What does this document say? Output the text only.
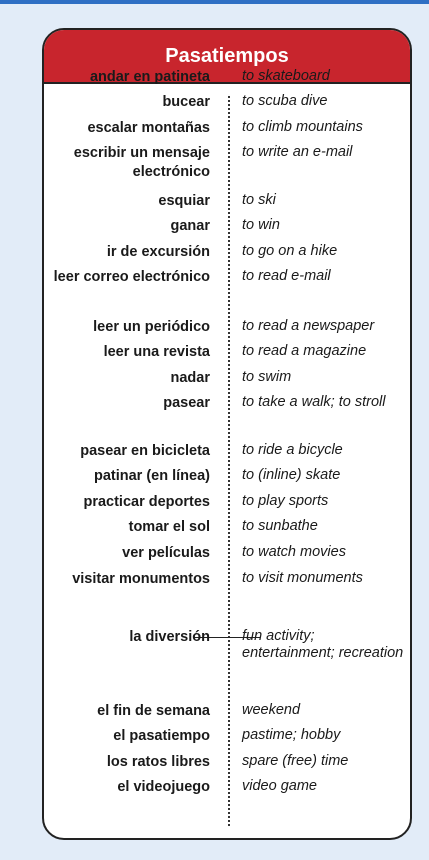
Pasatiempos
andar en patineta to skateboard
bucear to scuba dive
escalar montañas to climb mountains
escribir un mensaje electrónico
to write an e-mail
esquiar to ski
ganar to win
ir de excursión to go on a hike
leer correo electrónico to read e-mail
leer un periódico to read a newspaper
leer una revista to read a magazine
nadar to swim
pasear to take a walk; to stroll
pasear en bicicleta to ride a bicycle
patinar (en línea) to (inline) skate
practicar deportes to play sports
tomar el sol to sunbathe
ver películas to watch movies
visitar monumentos to visit monuments
la diversión fun activity; entertainment; recreation
el fin de semana weekend
el pasatiempo pastime; hobby
los ratos libres spare (free) time
el videojuego video game
